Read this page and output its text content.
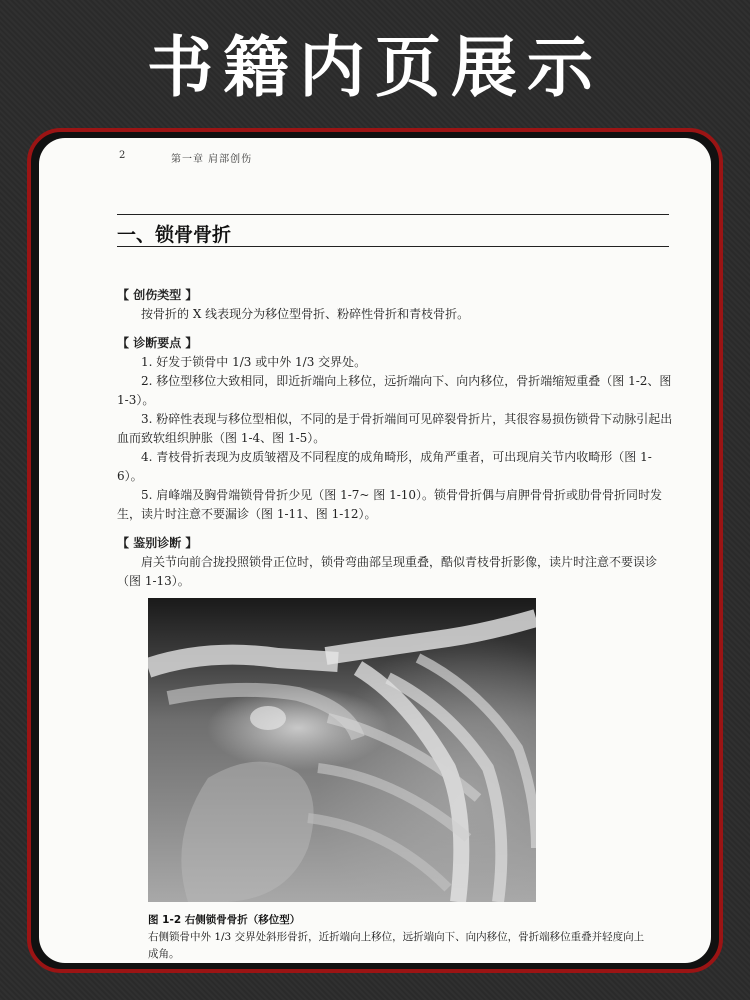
书籍内页展示
2	第一章 肩部创伤
一、锁骨骨折

【 创伤类型 】

按骨折的 X 线表现分为移位型骨折、粉碎性骨折和青枝骨折。

【 诊断要点 】

1. 好发于锁骨中 1/3 或中外 1/3 交界处。

2. 移位型移位大致相同，即近折端向上移位，远折端向下、向内移位，骨折端缩短重叠（图 1-2、图 1-3）。

3. 粉碎性表现与移位型相似，不同的是于骨折端间可见碎裂骨折片，其很容易损伤锁骨下动脉引起出血而致软组织肿胀（图 1-4、图 1-5）。

4. 青枝骨折表现为皮质皱褶及不同程度的成角畸形，成角严重者，可出现肩关节内收畸形（图 1-6）。

5. 肩峰端及胸骨端锁骨骨折少见（图 1-7~ 图 1-10）。锁骨骨折偶与肩胛骨骨折或肋骨骨折同时发生，读片时注意不要漏诊（图 1-11、图 1-12）。

【 鉴别诊断 】

肩关节向前合拢投照锁骨正位时，锁骨弯曲部呈现重叠，酷似青枝骨折影像，读片时注意不要误诊（图 1-13）。

图 1-2 右侧锁骨骨折（移位型）
右侧锁骨中外 1/3 交界处斜形骨折，近折端向上移位，远折端向下、向内移位，骨折端移位重叠并轻度向上成角。
